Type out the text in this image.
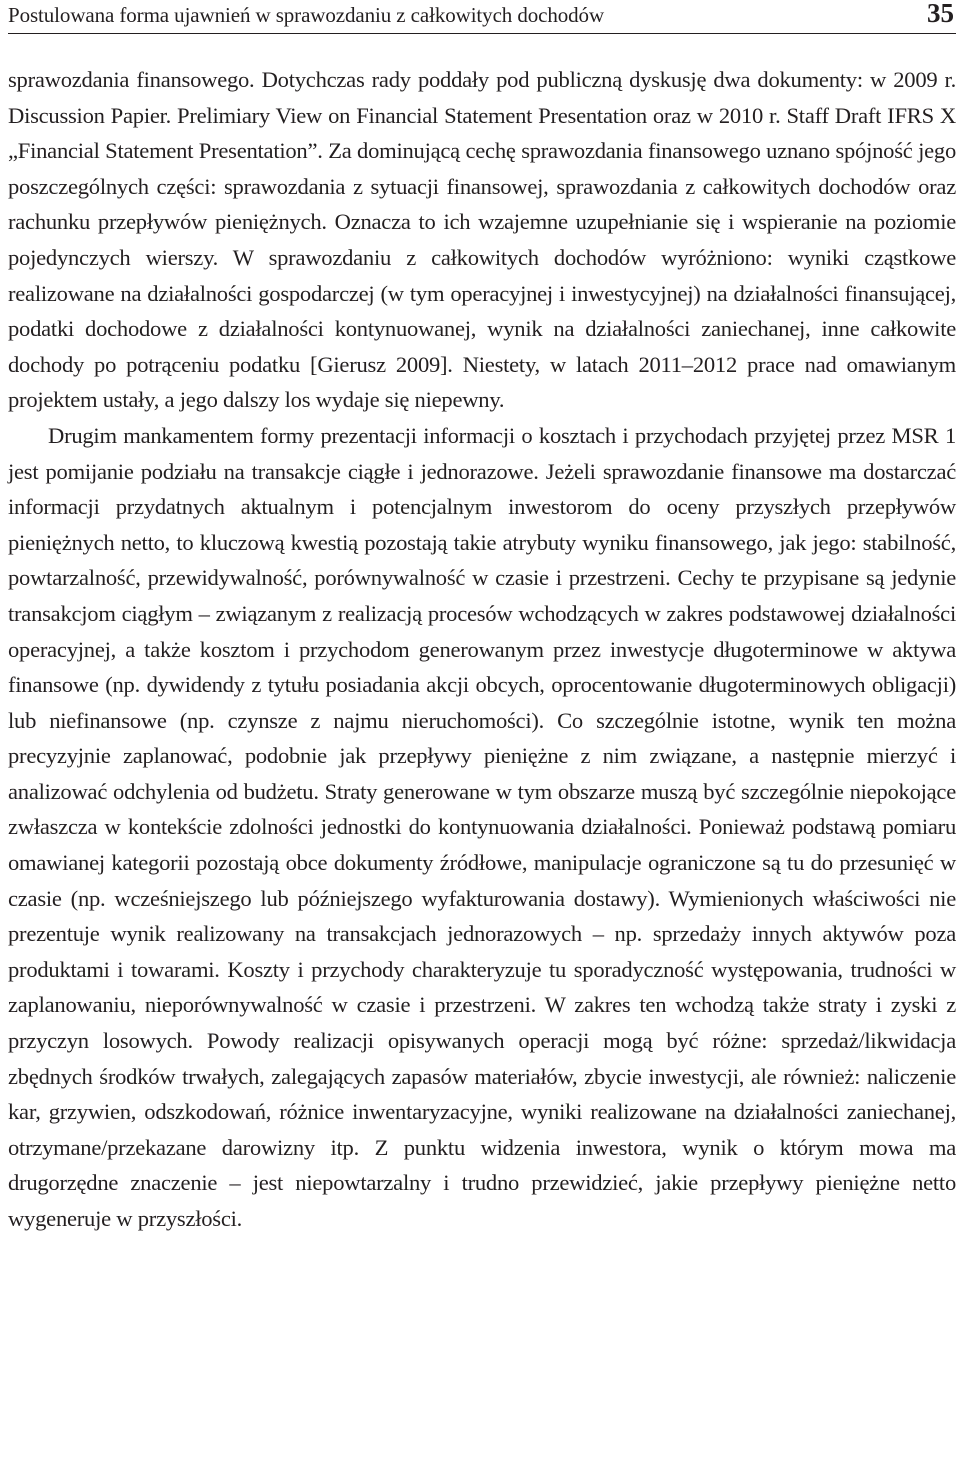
Postulowana forma ujawnień w sprawozdaniu z całkowitych dochodów	35

sprawozdania finansowego. Dotychczas rady poddały pod publiczną dyskusję dwa dokumenty: w 2009 r. Discussion Papier. Prelimiary View on Financial Statement Presentation oraz w 2010 r. Staff Draft IFRS X „Financial Statement Presentation”. Za dominującą cechę sprawozdania finansowego uznano spójność jego poszczególnych części: sprawozdania z sytuacji finansowej, sprawozdania z całkowitych dochodów oraz rachunku przepływów pieniężnych. Oznacza to ich wzajemne uzupełnianie się i wspieranie na poziomie pojedynczych wierszy. W sprawozdaniu z całkowitych dochodów wyróżniono: wyniki cząstkowe realizowane na działalności gospodarczej (w tym operacyjnej i inwestycyjnej) na działalności finansującej, podatki dochodowe z działalności kontynuowanej, wynik na działalności zaniechanej, inne całkowite dochody po potrąceniu podatku [Gierusz 2009]. Niestety, w latach 2011–2012 prace nad omawianym projektem ustały, a jego dalszy los wydaje się niepewny.

Drugim mankamentem formy prezentacji informacji o kosztach i przychodach przyjętej przez MSR 1 jest pomijanie podziału na transakcje ciągłe i jednorazowe. Jeżeli sprawozdanie finansowe ma dostarczać informacji przydatnych aktualnym i potencjalnym inwestorom do oceny przyszłych przepływów pieniężnych netto, to kluczową kwestią pozostają takie atrybuty wyniku finansowego, jak jego: stabilność, powtarzalność, przewidywalność, porównywalność w czasie i przestrzeni. Cechy te przypisane są jedynie transakcjom ciągłym – związanym z realizacją procesów wchodzących w zakres podstawowej działalności operacyjnej, a także kosztom i przychodom generowanym przez inwestycje długoterminowe w aktywa finansowe (np. dywidendy z tytułu posiadania akcji obcych, oprocentowanie długoterminowych obligacji) lub niefinansowe (np. czynsze z najmu nieruchomości). Co szczególnie istotne, wynik ten można precyzyjnie zaplanować, podobnie jak przepływy pieniężne z nim związane, a następnie mierzyć i analizować odchylenia od budżetu. Straty generowane w tym obszarze muszą być szczególnie niepokojące zwłaszcza w kontekście zdolności jednostki do kontynuowania działalności. Ponieważ podstawą pomiaru omawianej kategorii pozostają obce dokumenty źródłowe, manipulacje ograniczone są tu do przesunięć w czasie (np. wcześniejszego lub późniejszego wyfakturowania dostawy). Wymienionych właściwości nie prezentuje wynik realizowany na transakcjach jednorazowych – np. sprzedaży innych aktywów poza produktami i towarami. Koszty i przychody charakteryzuje tu sporadyczność występowania, trudności w zaplanowaniu, nieporównywalność w czasie i przestrzeni. W zakres ten wchodzą także straty i zyski z przyczyn losowych. Powody realizacji opisywanych operacji mogą być różne: sprzedaż/likwidacja zbędnych środków trwałych, zalegających zapasów materiałów, zbycie inwestycji, ale również: naliczenie kar, grzywien, odszkodowań, różnice inwentaryzacyjne, wyniki realizowane na działalności zaniechanej, otrzymane/przekazane darowizny itp. Z punktu widzenia inwestora, wynik o którym mowa ma drugorzędne znaczenie – jest niepowtarzalny i trudno przewidzieć, jakie przepływy pieniężne netto wygeneruje w przyszłości.
